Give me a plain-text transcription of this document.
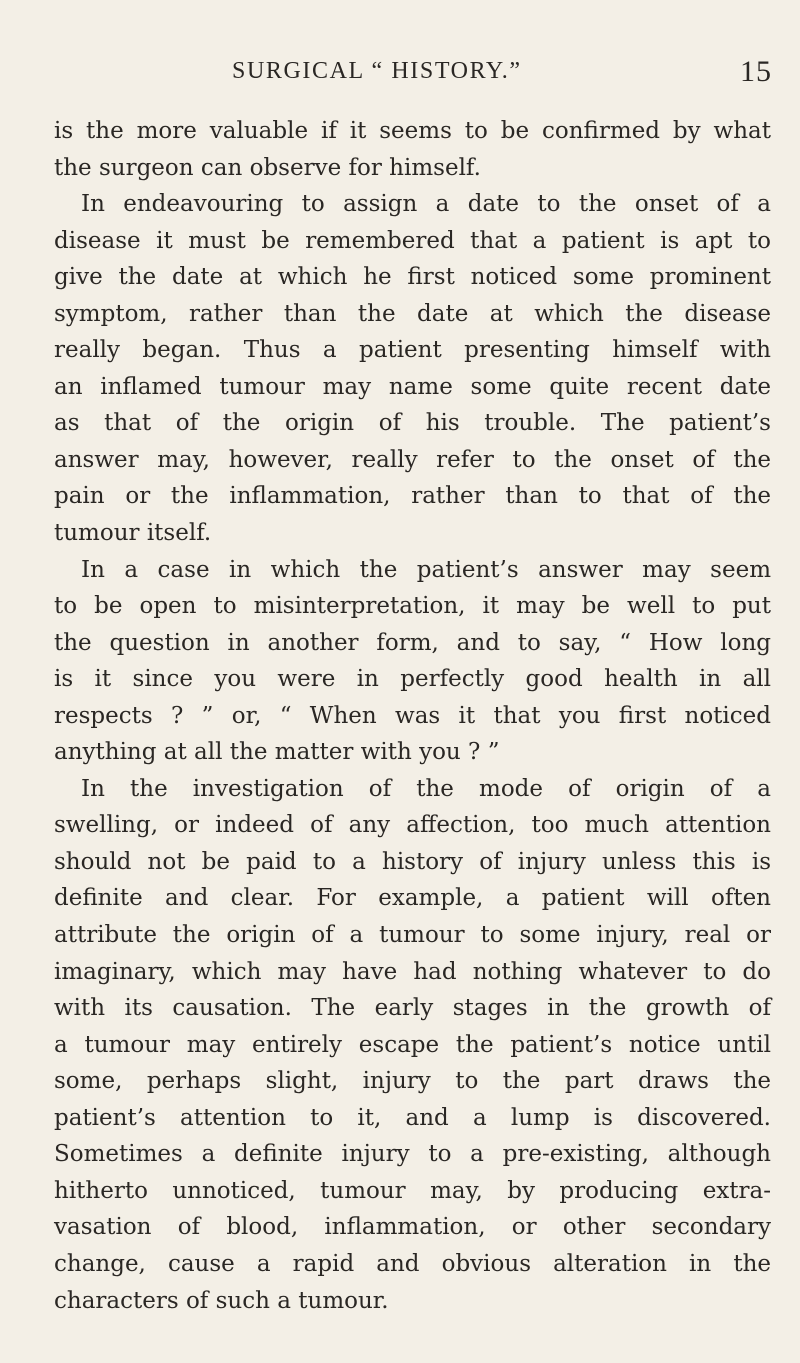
SURGICAL “ HISTORY.”	15
is the more valuable if it seems to be confirmed by what
the surgeon can observe for himself.
In endeavouring to assign a date to the onset of a
disease it must be remembered that a patient is apt to
give the date at which he first noticed some prominent
symptom, rather than the date at which the disease
really began. Thus a patient presenting himself with
an inflamed tumour may name some quite recent date
as that of the origin of his trouble. The patient’s
answer may, however, really refer to the onset of the
pain or the inflammation, rather than to that of the
tumour itself.
In a case in which the patient’s answer may seem
to be open to misinterpretation, it may be well to put
the question in another form, and to say, “ How long
is it since you were in perfectly good health in all
respects ? ” or, “ When was it that you first noticed
anything at all the matter with you ? ”
In the investigation of the mode of origin of a
swelling, or indeed of any affection, too much attention
should not be paid to a history of injury unless this is
definite and clear. For example, a patient will often
attribute the origin of a tumour to some injury, real or
imaginary, which may have had nothing whatever to do
with its causation. The early stages in the growth of
a tumour may entirely escape the patient’s notice until
some, perhaps slight, injury to the part draws the
patient’s attention to it, and a lump is discovered.
Sometimes a definite injury to a pre-existing, although
hitherto unnoticed, tumour may, by producing extra-
vasation of blood, inflammation, or other secondary
change, cause a rapid and obvious alteration in the
characters of such a tumour.
